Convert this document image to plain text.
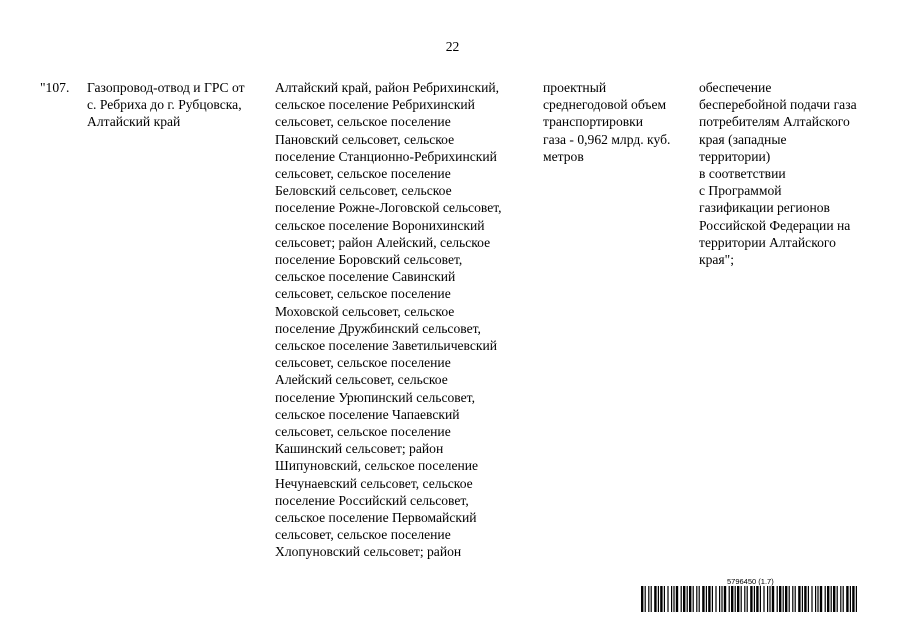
22
"107.	Газопровод-отвод и ГРС от
с. Ребриха до г. Рубцовска,
Алтайский край
Алтайский край, район Ребрихинский,
сельское поселение Ребрихинский
сельсовет, сельское поселение
Пановский сельсовет, сельское
поселение Станционно-Ребрихинский
сельсовет, сельское поселение
Беловский сельсовет, сельское
поселение Рожне-Логовской сельсовет,
сельское поселение Воронихинский
сельсовет; район Алейский, сельское
поселение Боровский сельсовет,
сельское поселение Савинский
сельсовет, сельское поселение
Моховской сельсовет, сельское
поселение Дружбинский сельсовет,
сельское поселение Заветильичевский
сельсовет, сельское поселение
Алейский сельсовет, сельское
поселение Урюпинский сельсовет,
сельское поселение Чапаевский
сельсовет, сельское поселение
Кашинский сельсовет; район
Шипуновский, сельское поселение
Нечунаевский сельсовет, сельское
поселение Российский сельсовет,
сельское поселение Первомайский
сельсовет, сельское поселение
Хлопуновский сельсовет; район
проектный
среднегодовой объем
транспортировки
газа - 0,962 млрд. куб.
метров
обеспечение
бесперебойной подачи газа
потребителям Алтайского
края (западные
территории)
в соответствии
с Программой
газификации регионов
Российской Федерации на
территории Алтайского
края";
5796450 (1.7)
